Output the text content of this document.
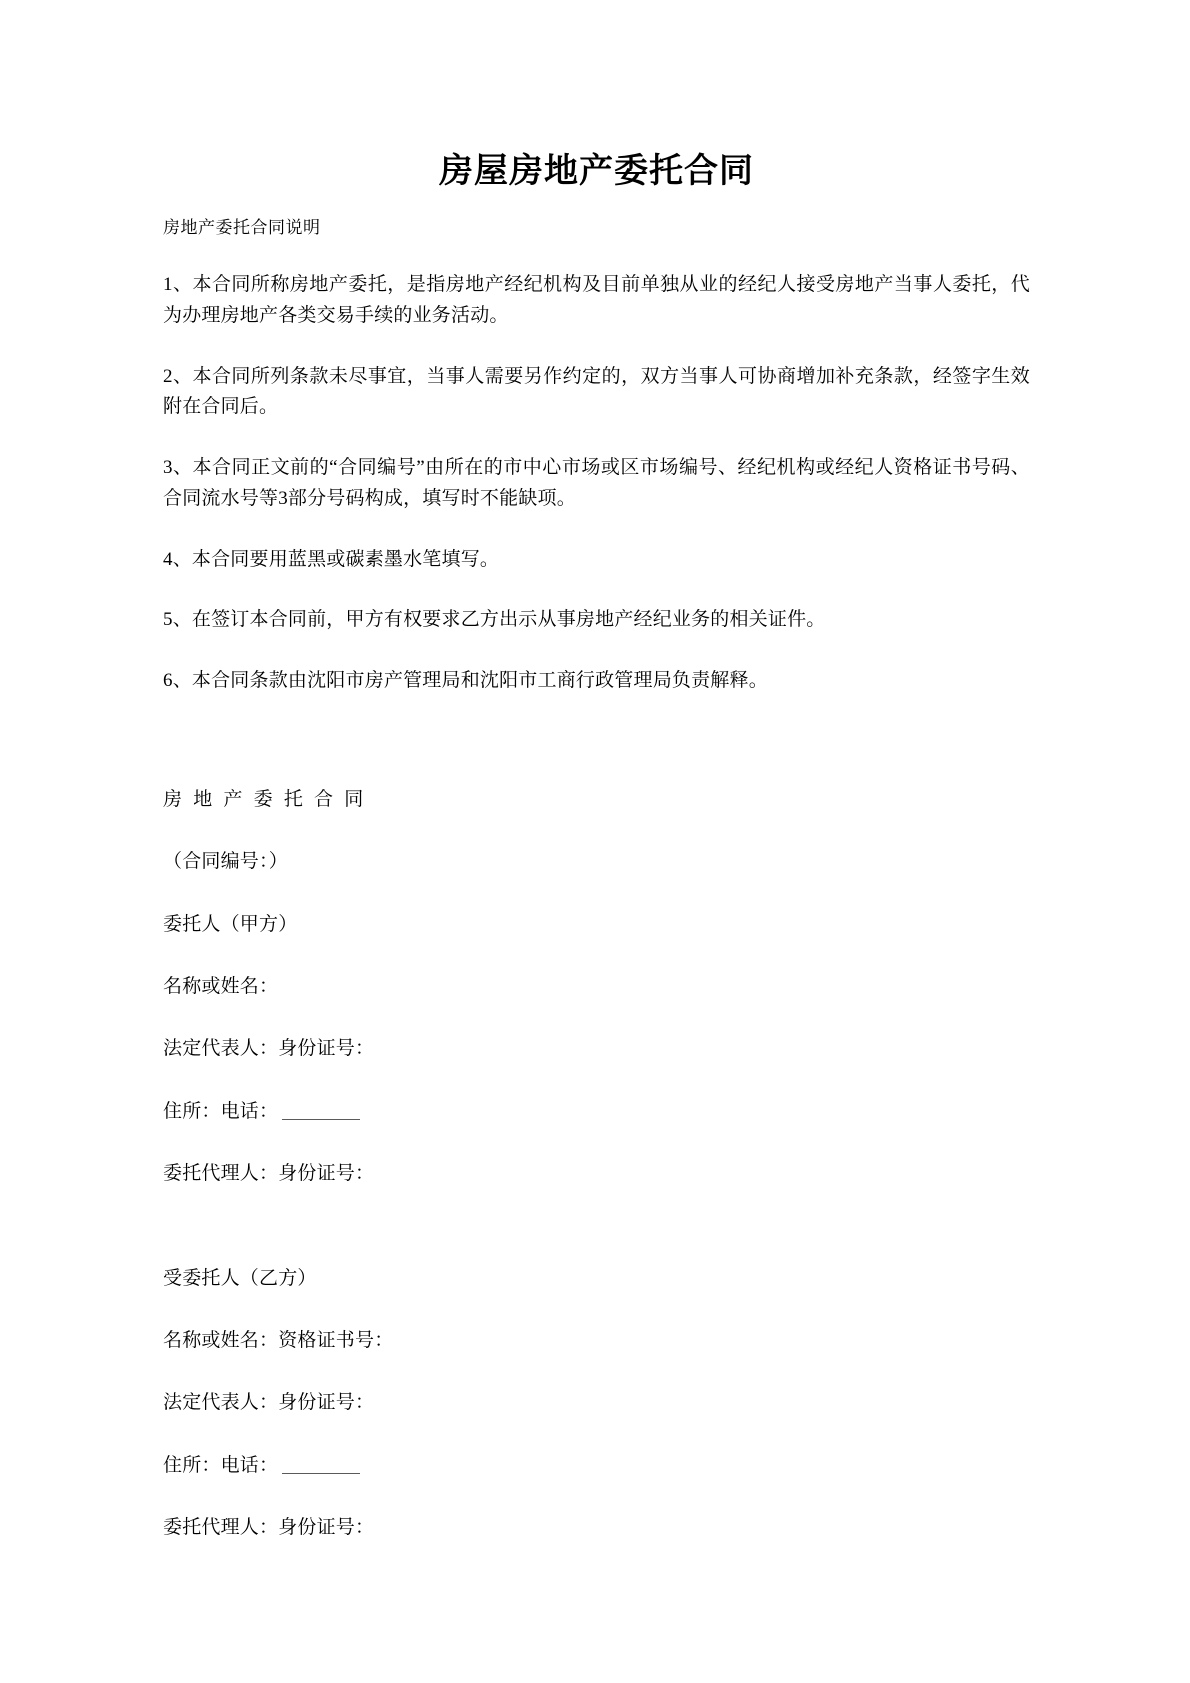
房屋房地产委托合同

房地产委托合同说明

1、本合同所称房地产委托，是指房地产经纪机构及目前单独从业的经纪人接受房地产当事人委托，代为办理房地产各类交易手续的业务活动。

2、本合同所列条款未尽事宜，当事人需要另作约定的，双方当事人可协商增加补充条款，经签字生效附在合同后。

3、本合同正文前的“合同编号”由所在的市中心市场或区市场编号、经纪机构或经纪人资格证书号码、合同流水号等3部分号码构成，填写时不能缺项。

4、本合同要用蓝黑或碳素墨水笔填写。

5、在签订本合同前，甲方有权要求乙方出示从事房地产经纪业务的相关证件。

6、本合同条款由沈阳市房产管理局和沈阳市工商行政管理局负责解释。

房 地 产 委 托 合 同

（合同编号：）

委托人（甲方）

名称或姓名：

法定代表人：身份证号：

住所：电话：

委托代理人：身份证号：

受委托人（乙方）

名称或姓名：资格证书号：

法定代表人：身份证号：

住所：电话：

委托代理人：身份证号：
